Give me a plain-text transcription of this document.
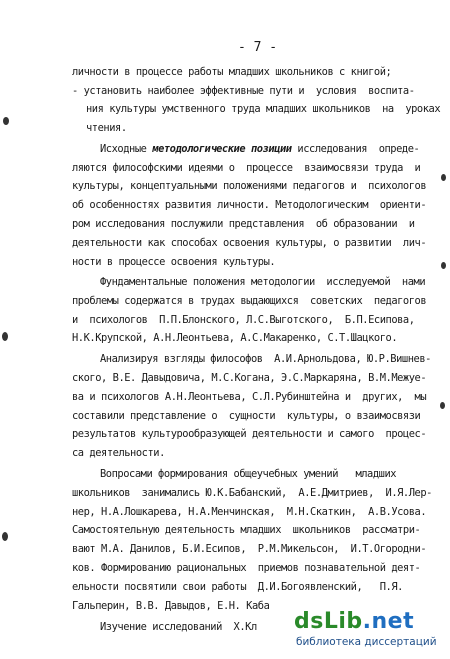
- 7 -
личности в процессе работы младших школьников с книгой;
- установить наиболее эффективные пути и  условия  воспита-
ния культуры умственного труда младших школьников  на  уроках
чтения.
Исходные методологические позиции исследования  опреде-
ляются философскими идеями о  процессе  взаимосвязи труда  и
культуры, концептуальными положениями педагогов и  психологов
об особенностях развития личности. Методологическим  ориенти-
ром исследования послужили представления  об образовании  и
деятельности как способах освоения культуры, о развитии  лич-
ности в процессе освоения культуры.
Фундаментальные положения методологии  исследуемой  нами
проблемы содержатся в трудах выдающихся  советских  педагогов
и  психологов  П.П.Блонского, Л.С.Выготского,  Б.П.Есипова,
Н.К.Крупской, А.Н.Леонтьева, А.С.Макаренко, С.Т.Шацкого.
Анализируя взгляды философов  А.И.Арнольдова, Ю.Р.Вишнев-
ского, В.Е. Давыдовича, М.С.Когана, Э.С.Маркаряна, В.М.Межуе-
ва и психологов А.Н.Леонтьева, С.Л.Рубинштейна и  других,  мы
составили представление о  сущности  культуры, о взаимосвязи
результатов культурообразующей деятельности и самого  процес-
са деятельности.
Вопросами формирования общеучебных умений   младших
школьников  занимались Ю.К.Бабанский,  А.Е.Дмитриев,  И.Я.Лер-
нер, Н.А.Лошкарева, Н.А.Менчинская,  М.Н.Скаткин,  А.В.Усова.
Самостоятельную деятельность младших  школьников  рассматри-
вают М.А. Данилов, Б.И.Есипов,  Р.М.Микельсон,  И.Т.Огородни-
ков. Формированию рациональных  приемов познавательной деят-
ельности посвятили свои работы  Д.И.Богоявленский,   П.Я.
Гальперин, В.В. Давыдов, Е.Н. Каба
Изучение исследований  Х.Кл dsLib.net
библиотека диссертаций
